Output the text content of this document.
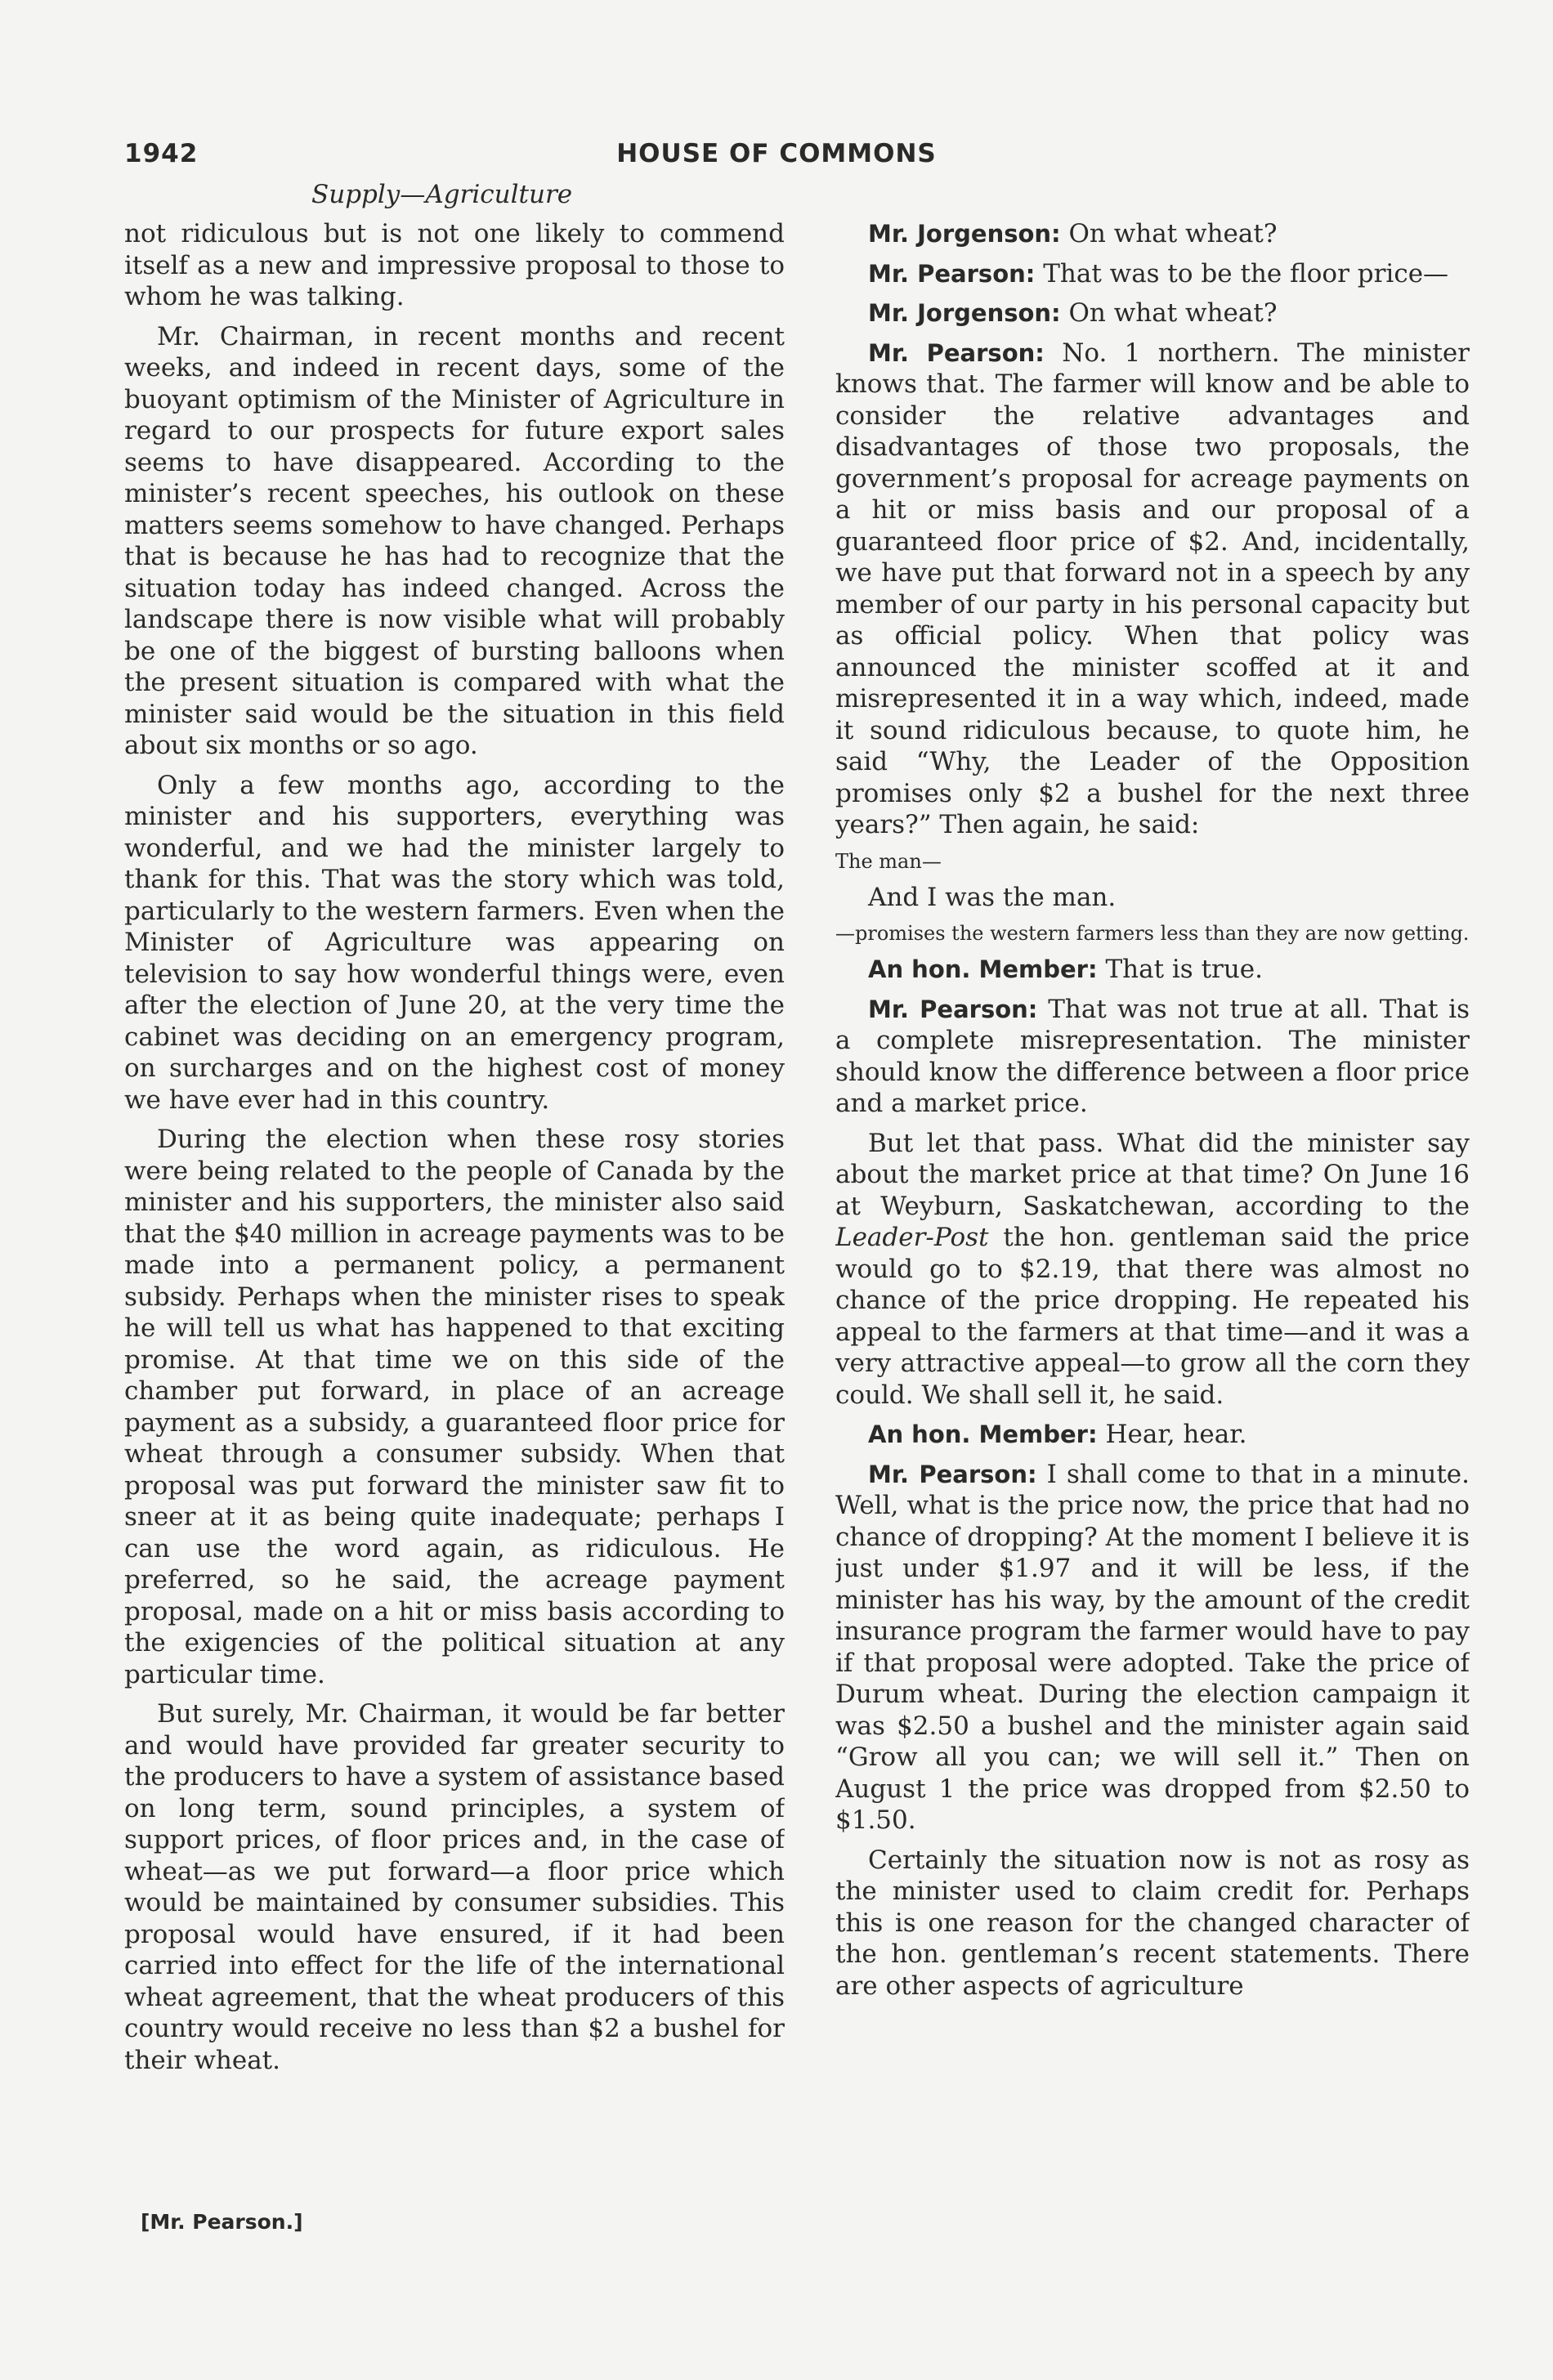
1942	HOUSE OF COMMONS
Supply—Agriculture

not ridiculous but is not one likely to commend itself as a new and impressive proposal to those to whom he was talking.

Mr. Chairman, in recent months and recent weeks, and indeed in recent days, some of the buoyant optimism of the Minister of Agriculture in regard to our prospects for future export sales seems to have disappeared. According to the minister’s recent speeches, his outlook on these matters seems somehow to have changed. Perhaps that is because he has had to recognize that the situation today has indeed changed. Across the landscape there is now visible what will probably be one of the biggest of bursting balloons when the present situation is compared with what the minister said would be the situation in this field about six months or so ago.

Only a few months ago, according to the minister and his supporters, everything was wonderful, and we had the minister largely to thank for this. That was the story which was told, particularly to the western farmers. Even when the Minister of Agriculture was appearing on television to say how wonderful things were, even after the election of June 20, at the very time the cabinet was deciding on an emergency program, on surcharges and on the highest cost of money we have ever had in this country.

During the election when these rosy stories were being related to the people of Canada by the minister and his supporters, the minister also said that the $40 million in acreage payments was to be made into a permanent policy, a permanent subsidy. Perhaps when the minister rises to speak he will tell us what has happened to that exciting promise. At that time we on this side of the chamber put forward, in place of an acreage payment as a subsidy, a guaranteed floor price for wheat through a consumer subsidy. When that proposal was put forward the minister saw fit to sneer at it as being quite inadequate; perhaps I can use the word again, as ridiculous. He preferred, so he said, the acreage payment proposal, made on a hit or miss basis according to the exigencies of the political situation at any particular time.

But surely, Mr. Chairman, it would be far better and would have provided far greater security to the producers to have a system of assistance based on long term, sound principles, a system of support prices, of floor prices and, in the case of wheat—as we put forward—a floor price which would be maintained by consumer subsidies. This proposal would have ensured, if it had been carried into effect for the life of the international wheat agreement, that the wheat producers of this country would receive no less than $2 a bushel for their wheat.

Mr. Jorgenson: On what wheat?

Mr. Pearson: That was to be the floor price—

Mr. Jorgenson: On what wheat?

Mr. Pearson: No. 1 northern. The minister knows that. The farmer will know and be able to consider the relative advantages and disadvantages of those two proposals, the government’s proposal for acreage payments on a hit or miss basis and our proposal of a guaranteed floor price of $2. And, incidentally, we have put that forward not in a speech by any member of our party in his personal capacity but as official policy. When that policy was announced the minister scoffed at it and misrepresented it in a way which, indeed, made it sound ridiculous because, to quote him, he said “Why, the Leader of the Opposition promises only $2 a bushel for the next three years?” Then again, he said:

The man—

And I was the man.

—promises the western farmers less than they are now getting.

An hon. Member: That is true.

Mr. Pearson: That was not true at all. That is a complete misrepresentation. The minister should know the difference between a floor price and a market price.

But let that pass. What did the minister say about the market price at that time? On June 16 at Weyburn, Saskatchewan, according to the Leader-Post the hon. gentleman said the price would go to $2.19, that there was almost no chance of the price dropping. He repeated his appeal to the farmers at that time—and it was a very attractive appeal—to grow all the corn they could. We shall sell it, he said.

An hon. Member: Hear, hear.

Mr. Pearson: I shall come to that in a minute. Well, what is the price now, the price that had no chance of dropping? At the moment I believe it is just under $1.97 and it will be less, if the minister has his way, by the amount of the credit insurance program the farmer would have to pay if that proposal were adopted. Take the price of Durum wheat. During the election campaign it was $2.50 a bushel and the minister again said “Grow all you can; we will sell it.” Then on August 1 the price was dropped from $2.50 to $1.50.

Certainly the situation now is not as rosy as the minister used to claim credit for. Perhaps this is one reason for the changed character of the hon. gentleman’s recent statements. There are other aspects of agriculture

[Mr. Pearson.]
